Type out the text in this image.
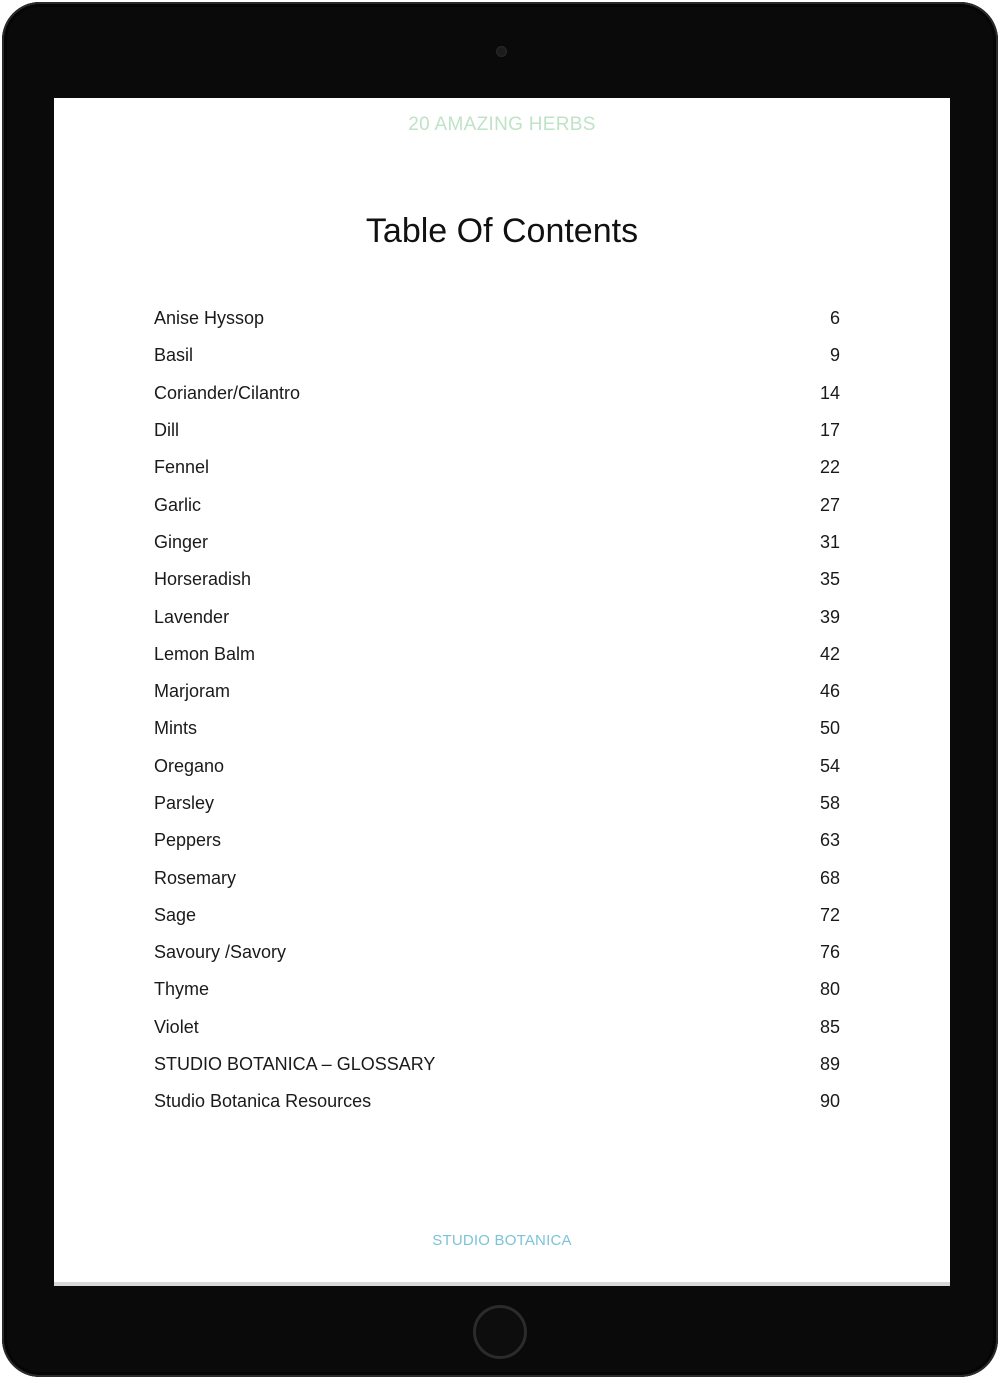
20 AMAZING HERBS
Table Of Contents
Anise Hyssop	6
Basil	9
Coriander/Cilantro	14
Dill	17
Fennel	22
Garlic	27
Ginger	31
Horseradish	35
Lavender	39
Lemon Balm	42
Marjoram	46
Mints	50
Oregano	54
Parsley	58
Peppers	63
Rosemary	68
Sage	72
Savoury /Savory	76
Thyme	80
Violet	85
STUDIO BOTANICA – GLOSSARY	89
Studio Botanica Resources	90
STUDIO BOTANICA
